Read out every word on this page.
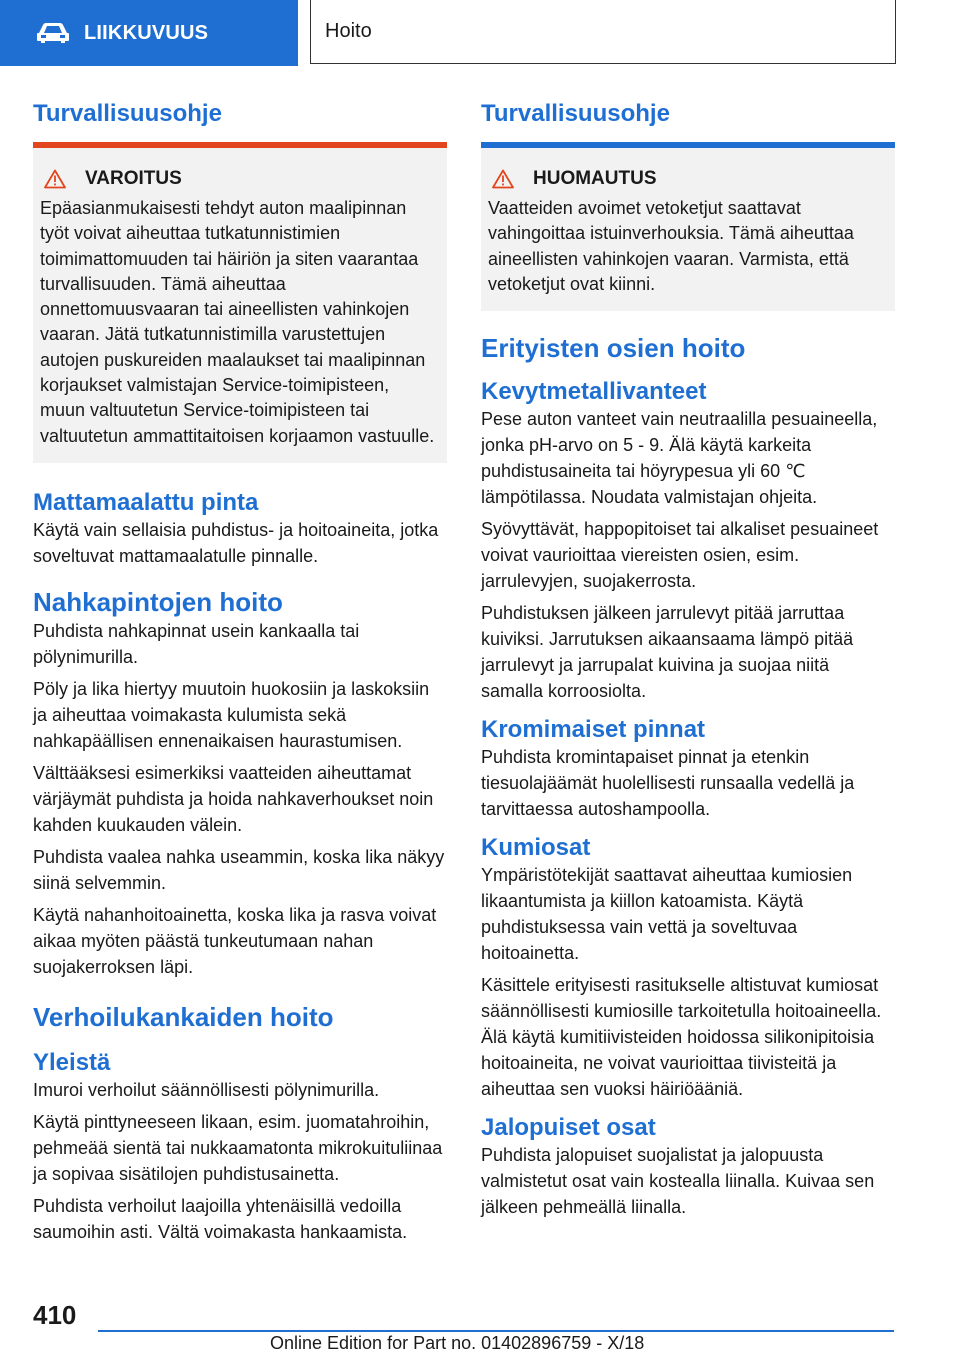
LIIKKUVUUS	Hoito
Turvallisuusohje
VAROITUS

Epäasianmukaisesti tehdyt auton maalipinnan työt voivat aiheuttaa tutkatunnistimien toimimattomuuden tai häiriön ja siten vaarantaa turvallisuuden. Tämä aiheuttaa onnettomuusvaaran tai aineellisten vahinkojen vaaran. Jätä tutkatunnistimilla varustettujen autojen puskureiden maalaukset tai maalipinnan korjaukset valmistajan Service-toimipisteen, muun valtuutetun Service-toimipisteen tai valtuutetun ammattitaitoisen korjaamon vastuulle.

Mattamaalattu pinta

Käytä vain sellaisia puhdistus- ja hoitoaineita, jotka soveltuvat mattamaalatulle pinnalle.

Nahkapintojen hoito

Puhdista nahkapinnat usein kankaalla tai pölynimurilla.

Pöly ja lika hiertyy muutoin huokosiin ja laskoksiin ja aiheuttaa voimakasta kulumista sekä nahkapäällisen ennenaikaisen haurastumisen.

Välttääksesi esimerkiksi vaatteiden aiheuttamat värjäymät puhdista ja hoida nahkaverhoukset noin kahden kuukauden välein.

Puhdista vaalea nahka useammin, koska lika näkyy siinä selvemmin.

Käytä nahanhoitoainetta, koska lika ja rasva voivat aikaa myöten päästä tunkeutumaan nahan suojakerroksen läpi.

Verhoilukankaiden hoito
Yleistä

Imuroi verhoilut säännöllisesti pölynimurilla.

Käytä pinttyneeseen likaan, esim. juomatahroihin, pehmeää sientä tai nukkaamatonta mikrokuituliinaa ja sopivaa sisätilojen puhdistusainetta.

Puhdista verhoilut laajoilla yhtenäisillä vedoilla saumoihin asti. Vältä voimakasta hankaamista.

Turvallisuusohje
HUOMAUTUS

Vaatteiden avoimet vetoketjut saattavat vahingoittaa istuinverhouksia. Tämä aiheuttaa aineellisten vahinkojen vaaran. Varmista, että vetoketjut ovat kiinni.

Erityisten osien hoito
Kevytmetallivanteet

Pese auton vanteet vain neutraalilla pesuaineella, jonka pH-arvo on 5 - 9. Älä käytä karkeita puhdistusaineita tai höyrypesua yli 60 ℃ lämpötilassa. Noudata valmistajan ohjeita.

Syövyttävät, happopitoiset tai alkaliset pesuaineet voivat vaurioittaa viereisten osien, esim. jarrulevyjen, suojakerrosta.

Puhdistuksen jälkeen jarrulevyt pitää jarruttaa kuiviksi. Jarrutuksen aikaansaama lämpö pitää jarrulevyt ja jarrupalat kuivina ja suojaa niitä samalla korroosiolta.

Kromimaiset pinnat

Puhdista kromintapaiset pinnat ja etenkin tiesuolajäämät huolellisesti runsaalla vedellä ja tarvittaessa autoshampoolla.

Kumiosat

Ympäristötekijät saattavat aiheuttaa kumiosien likaantumista ja kiillon katoamista. Käytä puhdistuksessa vain vettä ja soveltuvaa hoitoainetta.

Käsittele erityisesti rasitukselle altistuvat kumiosat säännöllisesti kumiosille tarkoitetulla hoitoaineella. Älä käytä kumitiivisteiden hoidossa silikonipitoisia hoitoaineita, ne voivat vaurioittaa tiivisteitä ja aiheuttaa sen vuoksi häiriöääniä.

Jalopuiset osat

Puhdista jalopuiset suojalistat ja jalopuusta valmistetut osat vain kostealla liinalla. Kuivaa sen jälkeen pehmeällä liinalla.

410
Online Edition for Part no. 01402896759 - X/18
